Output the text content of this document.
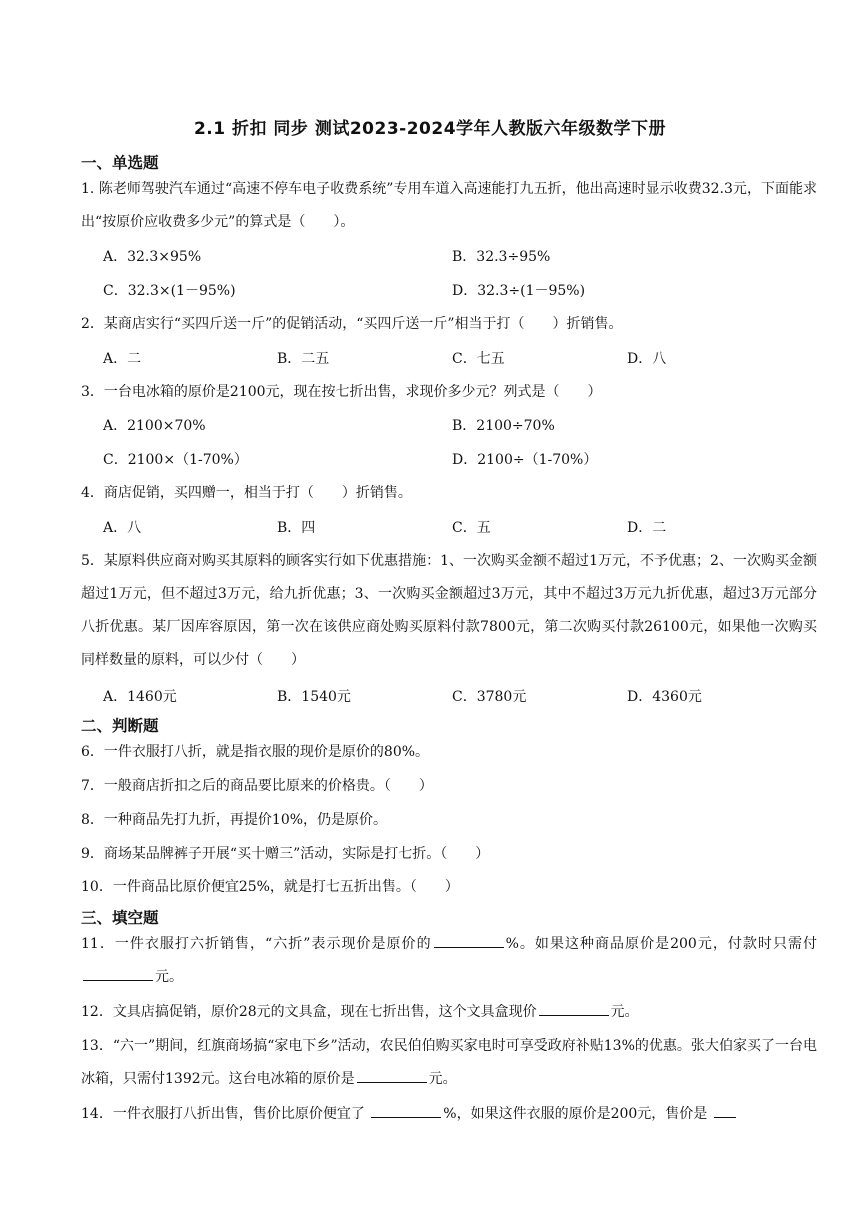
2.1 折扣 同步 测试2023-2024学年人教版六年级数学下册
一、单选题
1. 陈老师驾驶汽车通过“高速不停车电子收费系统”专用车道入高速能打九五折，他出高速时显示收费32.3元，下面能求出“按原价应收费多少元”的算式是（　　）。
A．32.3×95%	B．32.3÷95%
C．32.3×(1－95%)	D．32.3÷(1－95%)
2．某商店实行“买四斤送一斤”的促销活动，“买四斤送一斤”相当于打（　　）折销售。
A．二	B．二五	C．七五	D．八
3．一台电冰箱的原价是2100元，现在按七折出售，求现价多少元？列式是（　　）
A．2100×70%	B．2100÷70%
C．2100×（1-70%）	D．2100÷（1-70%）
4．商店促销，买四赠一，相当于打（　　）折销售。
A．八	B．四	C．五	D．二
5．某原料供应商对购买其原料的顾客实行如下优惠措施：1、一次购买金额不超过1万元，不予优惠；2、一次购买金额超过1万元，但不超过3万元，给九折优惠；3、一次购买金额超过3万元，其中不超过3万元九折优惠，超过3万元部分八折优惠。某厂因库容原因，第一次在该供应商处购买原料付款7800元，第二次购买付款26100元，如果他一次购买同样数量的原料，可以少付（　　）
A．1460元	B．1540元	C．3780元	D．4360元
二、判断题
6．一件衣服打八折，就是指衣服的现价是原价的80%。
7．一般商店折扣之后的商品要比原来的价格贵。（　　）
8．一种商品先打九折，再提价10%，仍是原价。
9．商场某品牌裤子开展“买十赠三”活动，实际是打七折。（　　）
10．一件商品比原价便宜25%，就是打七五折出售。（　　）
三、填空题
11．一件衣服打六折销售，“六折”表示现价是原价的	%。如果这种商品原价是200元，付款时只需付元。
12．文具店搞促销，原价28元的文具盒，现在七折出售，这个文具盒现价	元。
13．“六一”期间，红旗商场搞“家电下乡”活动，农民伯伯购买家电时可享受政府补贴13%的优惠。张大伯家买了一台电冰箱，只需付1392元。这台电冰箱的原价是	元。
14．一件衣服打八折出售，售价比原价便宜了	%，如果这件衣服的原价是200元，售价是
